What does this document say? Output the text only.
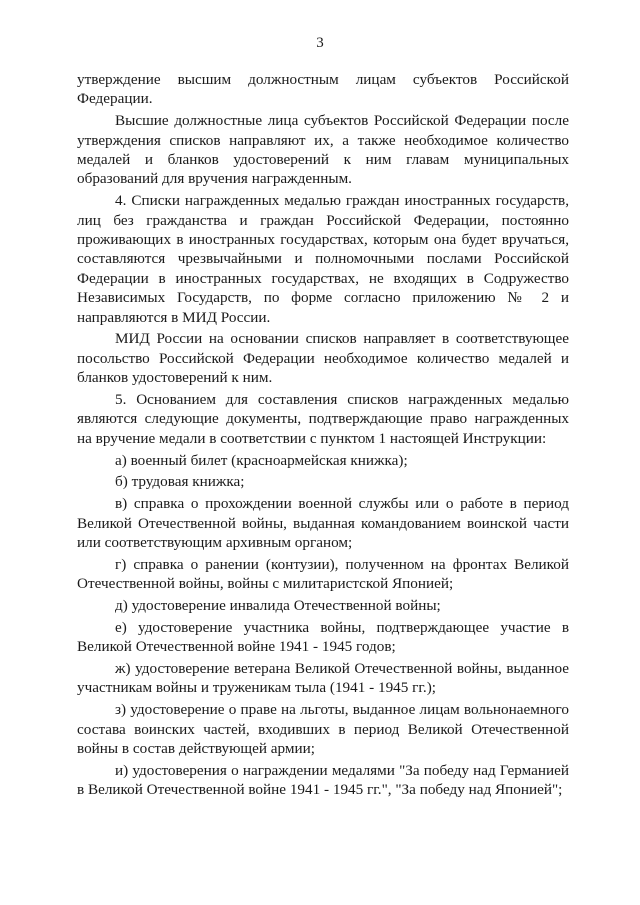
3

утверждение высшим должностным лицам субъектов Российской Федерации.

Высшие должностные лица субъектов Российской Федерации после утверждения списков направляют их, а также необходимое количество медалей и бланков удостоверений к ним главам муниципальных образований для вручения награжденным.

4. Списки награжденных медалью граждан иностранных государств, лиц без гражданства и граждан Российской Федерации, постоянно проживающих в иностранных государствах, которым она будет вручаться, составляются чрезвычайными и полномочными послами Российской Федерации в иностранных государствах, не входящих в Содружество Независимых Государств, по форме согласно приложению № 2 и направляются в МИД России.

МИД России на основании списков направляет в соответствующее посольство Российской Федерации необходимое количество медалей и бланков удостоверений к ним.

5. Основанием для составления списков награжденных медалью являются следующие документы, подтверждающие право награжденных на вручение медали в соответствии с пунктом 1 настоящей Инструкции:

а) военный билет (красноармейская книжка);

б) трудовая книжка;

в) справка о прохождении военной службы или о работе в период Великой Отечественной войны, выданная командованием воинской части или соответствующим архивным органом;

г) справка о ранении (контузии), полученном на фронтах Великой Отечественной войны, войны с милитаристской Японией;

д) удостоверение инвалида Отечественной войны;

е) удостоверение участника войны, подтверждающее участие в Великой Отечественной войне 1941 - 1945 годов;

ж) удостоверение ветерана Великой Отечественной войны, выданное участникам войны и труженикам тыла (1941 - 1945 гг.);

з) удостоверение о праве на льготы, выданное лицам вольнонаемного состава воинских частей, входивших в период Великой Отечественной войны в состав действующей армии;

и) удостоверения о награждении медалями "За победу над Германией в Великой Отечественной войне 1941 - 1945 гг.", "За победу над Японией";
